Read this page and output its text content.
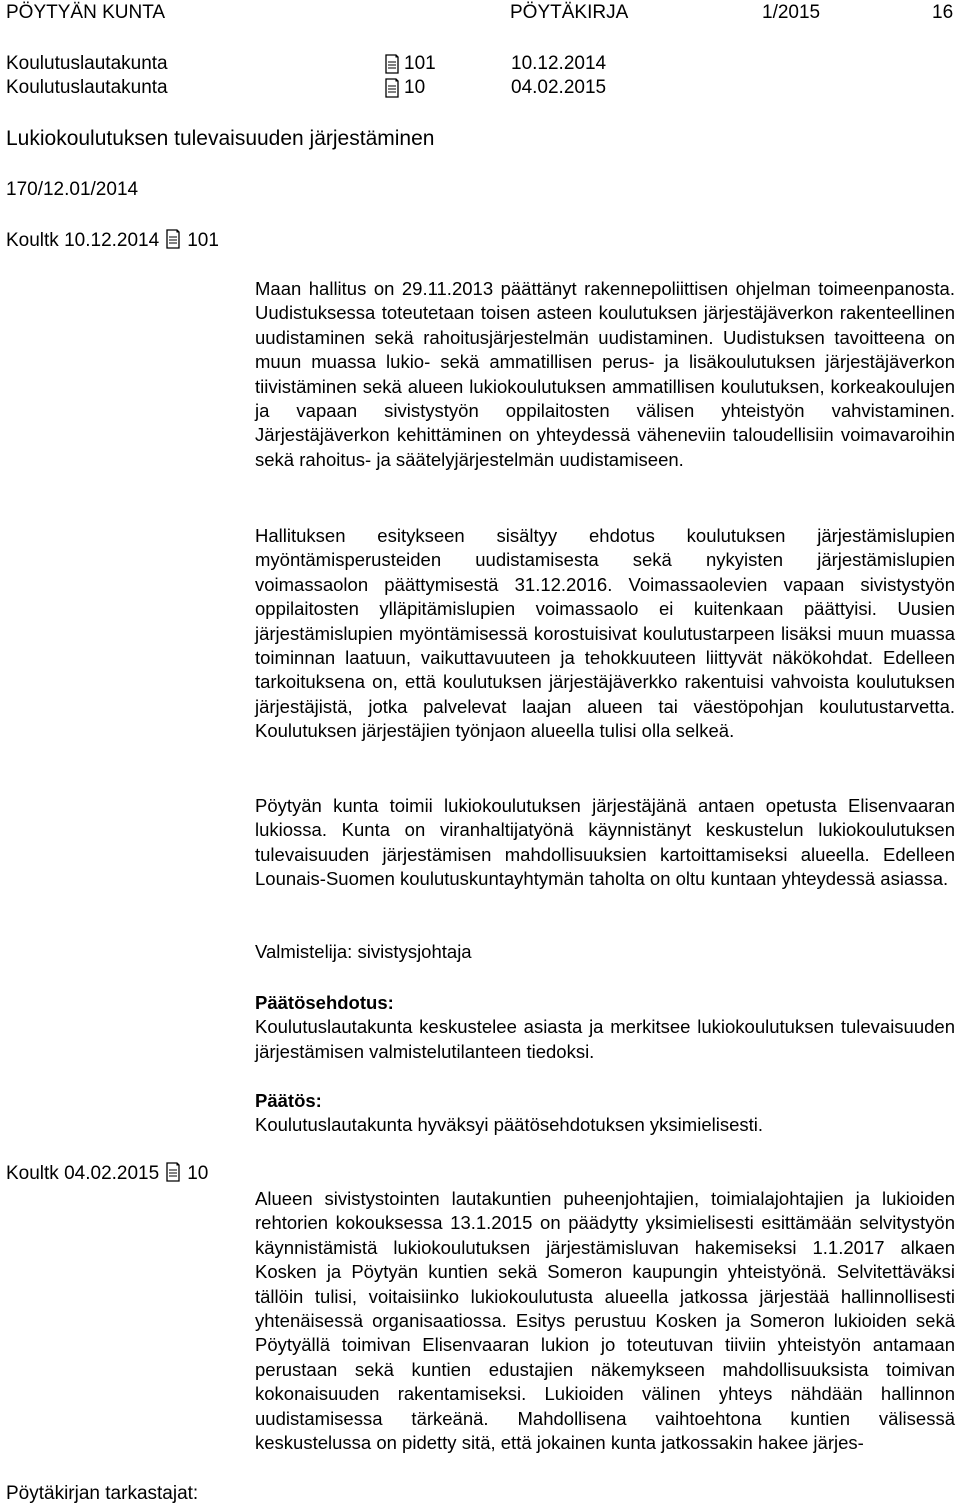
PÖYTYÄN KUNTA	PÖYTÄKIRJA	1/2015	16
Koulutuslautakunta	101	10.12.2014
Koulutuslautakunta	10	04.02.2015
Lukiokoulutuksen tulevaisuuden järjestäminen
170/12.01/2014
Koultk 10.12.2014 101

Maan hallitus on 29.11.2013 päättänyt rakennepoliittisen ohjelman toimeenpanosta. Uudistuksessa toteutetaan toisen asteen koulutuksen järjestäjäverkon rakenteellinen uudistaminen sekä rahoitusjärjestelmän uudistaminen. Uudistuksen tavoitteena on muun muassa lukio- sekä ammatillisen perus- ja lisäkoulutuksen järjestäjäverkon tiivistäminen sekä alueen lukiokoulutuksen ammatillisen koulutuksen, korkeakoulujen ja vapaan sivistystyön oppilaitosten välisen yhteistyön vahvistaminen. Järjestäjäverkon kehittäminen on yhteydessä väheneviin taloudellisiin voimavaroihin sekä rahoitus- ja säätelyjärjestelmän uudistamiseen.

Hallituksen esitykseen sisältyy ehdotus koulutuksen järjestämislupien myöntämisperusteiden uudistamisesta sekä nykyisten järjestämislupien voimassaolon päättymisestä 31.12.2016. Voimassaolevien vapaan sivistystyön oppilaitosten ylläpitämislupien voimassaolo ei kuitenkaan päättyisi. Uusien järjestämislupien myöntämisessä korostuisivat koulutustarpeen lisäksi muun muassa toiminnan laatuun, vaikuttavuuteen ja tehokkuuteen liittyvät näkökohdat. Edelleen tarkoituksena on, että koulutuksen järjestäjäverkko rakentuisi vahvoista koulutuksen järjestäjistä, jotka palvelevat laajan alueen tai väestöpohjan koulutustarvetta. Koulutuksen järjestäjien työnjaon alueella tulisi olla selkeä.

Pöytyän kunta toimii lukiokoulutuksen järjestäjänä antaen opetusta Elisenvaaran lukiossa. Kunta on viranhaltijatyönä käynnistänyt keskustelun lukiokoulutuksen tulevaisuuden järjestämisen mahdollisuuksien kartoittamiseksi alueella. Edelleen Lounais-Suomen koulutuskuntayhtymän taholta on oltu kuntaan yhteydessä asiassa.

Valmistelija: sivistysjohtaja

Päätösehdotus:
Koulutuslautakunta keskustelee asiasta ja merkitsee lukiokoulutuksen tulevaisuuden järjestämisen valmistelutilanteen tiedoksi.
Päätös:
Koulutuslautakunta hyväksyi päätösehdotuksen yksimielisesti.
Koultk 04.02.2015 10

Alueen sivistystointen lautakuntien puheenjohtajien, toimialajohtajien ja lukioiden rehtorien kokouksessa 13.1.2015 on päädytty yksimielisesti esittämään selvitystyön käynnistämistä lukiokoulutuksen järjestämisluvan hakemiseksi 1.1.2017 alkaen Kosken ja Pöytyän kuntien sekä Someron kaupungin yhteistyönä. Selvitettäväksi tällöin tulisi, voitaisiinko lukiokoulutusta alueella jatkossa järjestää hallinnollisesti yhtenäisessä organisaatiossa. Esitys perustuu Kosken ja Someron lukioiden sekä Pöytyällä toimivan Elisenvaaran lukion jo toteutuvan tiiviin yhteistyön antamaan perustaan sekä kuntien edustajien näkemykseen mahdollisuuksista toimivan kokonaisuuden rakentamiseksi. Lukioiden välinen yhteys nähdään hallinnon uudistamisessa tärkeänä. Mahdollisena vaihtoehtona kuntien välisessä keskustelussa on pidetty sitä, että jokainen kunta jatkossakin hakee järjes-

Pöytäkirjan tarkastajat:
